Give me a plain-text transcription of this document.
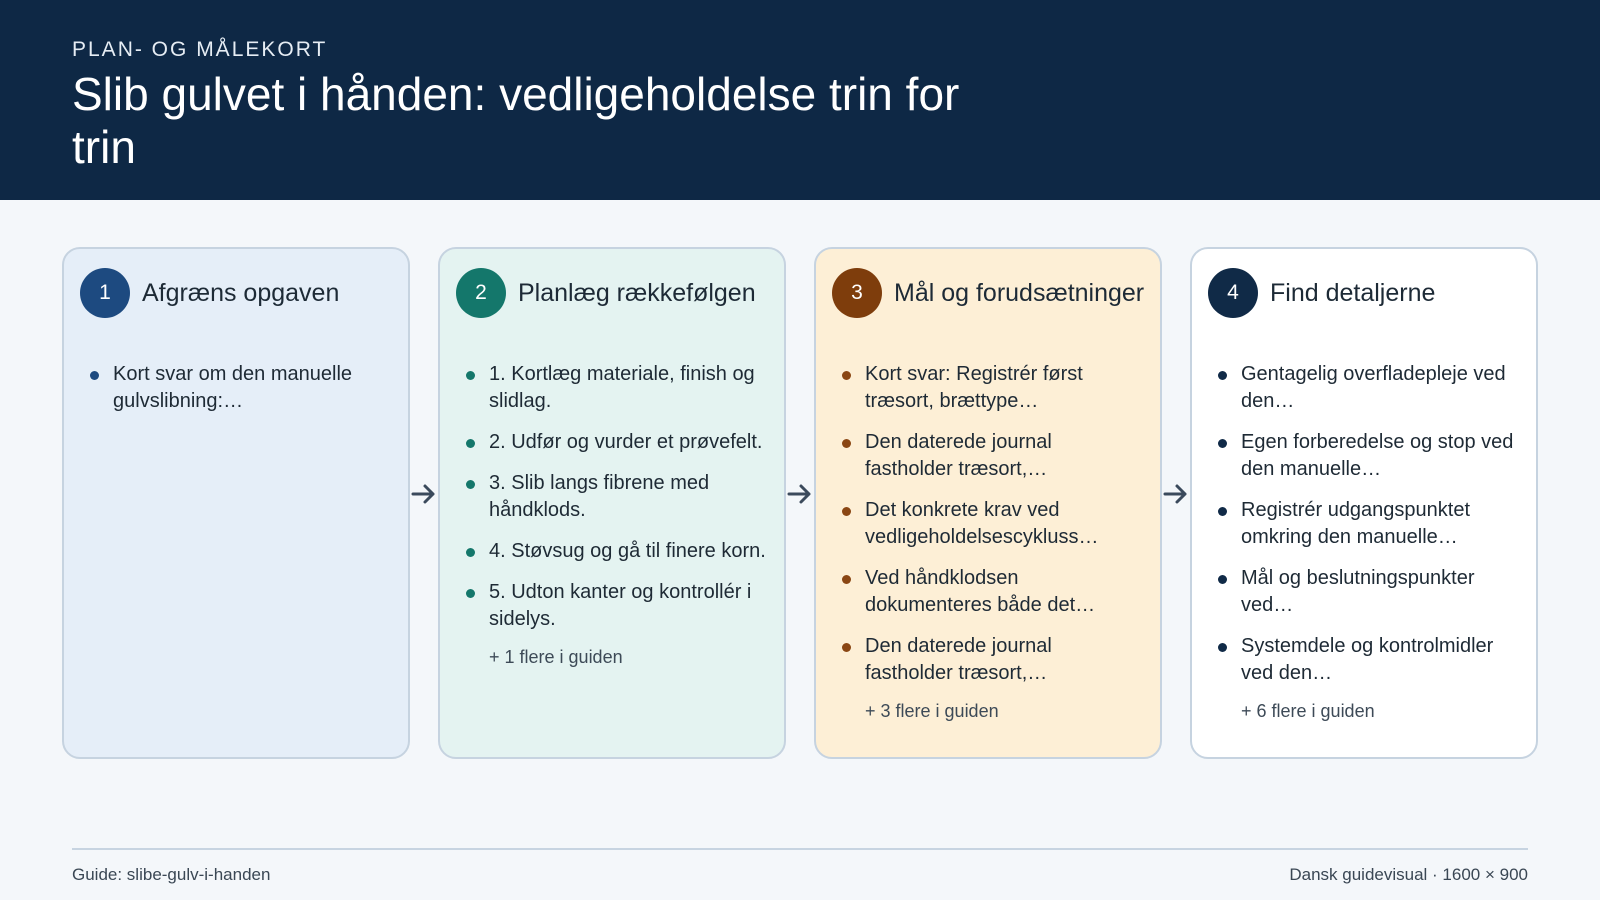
PLAN- OG MÅLEKORT
Slib gulvet i hånden: vedligeholdelse trin for trin
1	Afgræns opgaven
Kort svar om den manuelle gulvslibning:…
2	Planlæg rækkefølgen
1. Kortlæg materiale, finish og slidlag.
2. Udfør og vurder et prøvefelt.
3. Slib langs fibrene med håndklods.
4. Støvsug og gå til finere korn.
5. Udton kanter og kontrollér i sidelys.
+ 1 flere i guiden
3	Mål og forudsætninger
Kort svar: Registrér først træsort, brættype…
Den daterede journal fastholder træsort,…
Det konkrete krav ved vedligeholdelsescykluss…
Ved håndklodsen dokumenteres både det…
Den daterede journal fastholder træsort,…
+ 3 flere i guiden
4	Find detaljerne
Gentagelig overfladepleje ved den…
Egen forberedelse og stop ved den manuelle…
Registrér udgangspunktet omkring den manuelle…
Mål og beslutningspunkter ved…
Systemdele og kontrolmidler ved den…
+ 6 flere i guiden
Guide: slibe-gulv-i-handen	Dansk guidevisual · 1600 × 900
